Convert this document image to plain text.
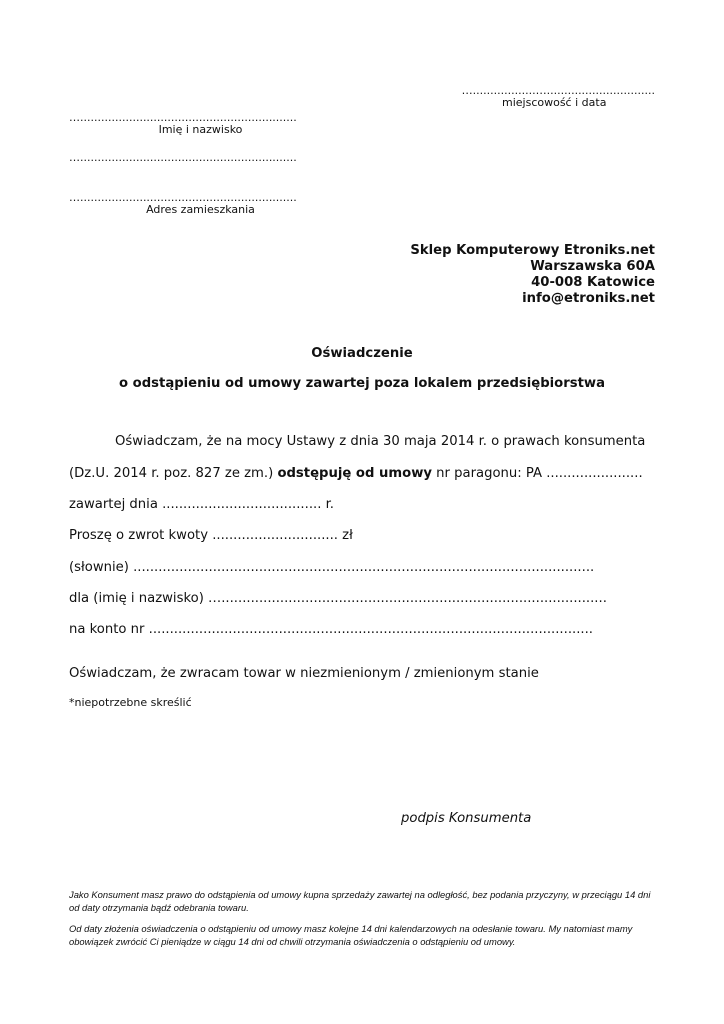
…..................…...............................
miejscowość i data
…..............................................................
Imię i nazwisko
…..............................................................
…..............................................................
Adres zamieszkania
Sklep Komputerowy Etroniks.net
Warszawska 60A
40-008 Katowice
info@etroniks.net
Oświadczenie
o odstąpieniu od umowy zawartej poza lokalem przedsiębiorstwa
Oświadczam, że na mocy Ustawy z dnia 30 maja 2014 r. o prawach konsumenta
(Dz.U. 2014 r. poz. 827 ze zm.) odstępuję od umowy nr paragonu: PA .......................
zawartej dnia ...................................... r.
Proszę o zwrot kwoty .............................. zł
(słownie) ..............................................................................................................
dla (imię i nazwisko) …............................................................................................
na konto nr ..........................................................................................................
Oświadczam, że zwracam towar w niezmienionym / zmienionym stanie
*niepotrzebne skreślić
podpis Konsumenta
Jako Konsument masz prawo do odstąpienia od umowy kupna sprzedaży zawartej na odległość, bez podania przyczyny, w przeciągu 14 dni od daty otrzymania bądź odebrania towaru.
Od daty złożenia oświadczenia o odstąpieniu od umowy masz kolejne 14 dni kalendarzowych na odesłanie towaru. My natomiast mamy obowiązek zwrócić Ci pieniądze w ciągu 14 dni od chwili otrzymania oświadczenia o odstąpieniu od umowy.
